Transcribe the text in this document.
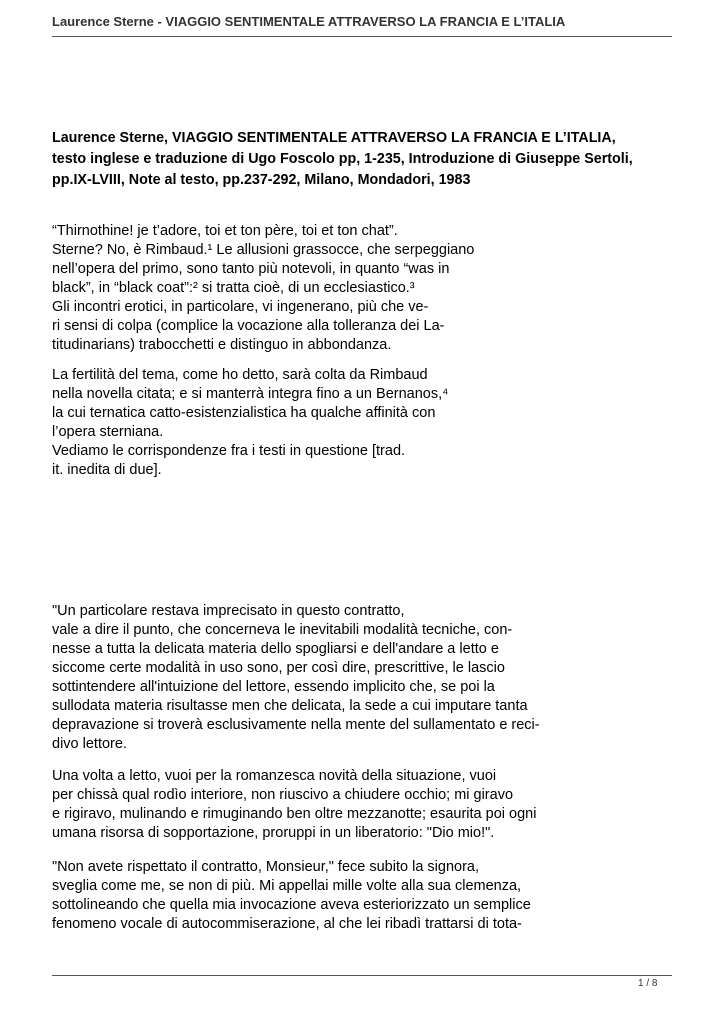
Laurence Sterne - VIAGGIO SENTIMENTALE ATTRAVERSO LA FRANCIA E L’ITALIA
Laurence Sterne, VIAGGIO SENTIMENTALE ATTRAVERSO LA FRANCIA E L’ITALIA,
testo inglese e traduzione di Ugo Foscolo pp, 1-235, Introduzione di Giuseppe Sertoli,
pp.IX-LVIII, Note al testo, pp.237-292, Milano, Mondadori, 1983
“Thirnothine! je t’adore, toi et ton père, toi et ton chat”.
Sterne? No, è Rimbaud.¹ Le allusioni grassocce, che serpeggiano
nell’opera del primo, sono tanto più notevoli, in quanto “was in
black”, in “black coat”:² si tratta cioè, di un ecclesiastico.³
Gli incontri erotici, in particolare, vi ingenerano, più che ve-
ri sensi di colpa (complice la vocazione alla tolleranza dei La-
titudinarians) trabocchetti e distinguo in abbondanza.
La fertilità del tema, come ho detto, sarà colta da Rimbaud
nella novella citata; e si manterrà integra fino a un Bernanos,⁴
la cui ternatica catto-esistenzialistica ha qualche affinità con
l’opera sterniana.
Vediamo le corrispondenze fra i testi in questione [trad.
it. inedita di due].
"Un particolare restava imprecisato in questo contratto,
vale a dire il punto, che concerneva le inevitabili modalità tecniche, con-
nesse a tutta la delicata materia dello spogliarsi e dell'andare a letto e
siccome certe modalità in uso sono, per così dire, prescrittive, le lascio
sottintendere all'intuizione del lettore, essendo implicito che, se poi la
sullodata materia risultasse men che delicata, la sede a cui imputare tanta
depravazione si troverà esclusivamente nella mente del sullamentato e reci-
divo lettore.
Una volta a letto, vuoi per la romanzesca novità della situazione, vuoi
per chissà qual rodìo interiore, non riuscivo a chiudere occhio; mi giravo
e rigiravo, mulinando e rimuginando ben oltre mezzanotte; esaurita poi ogni
umana risorsa di sopportazione, proruppi in un liberatorio: "Dio mio!".
"Non avete rispettato il contratto, Monsieur," fece subito la signora,
sveglia come me, se non di più. Mi appellai mille volte alla sua clemenza,
sottolineando che quella mia invocazione aveva esteriorizzato un semplice
fenomeno vocale di autocommiserazione, al che lei ribadì trattarsi di tota-
1 / 8
